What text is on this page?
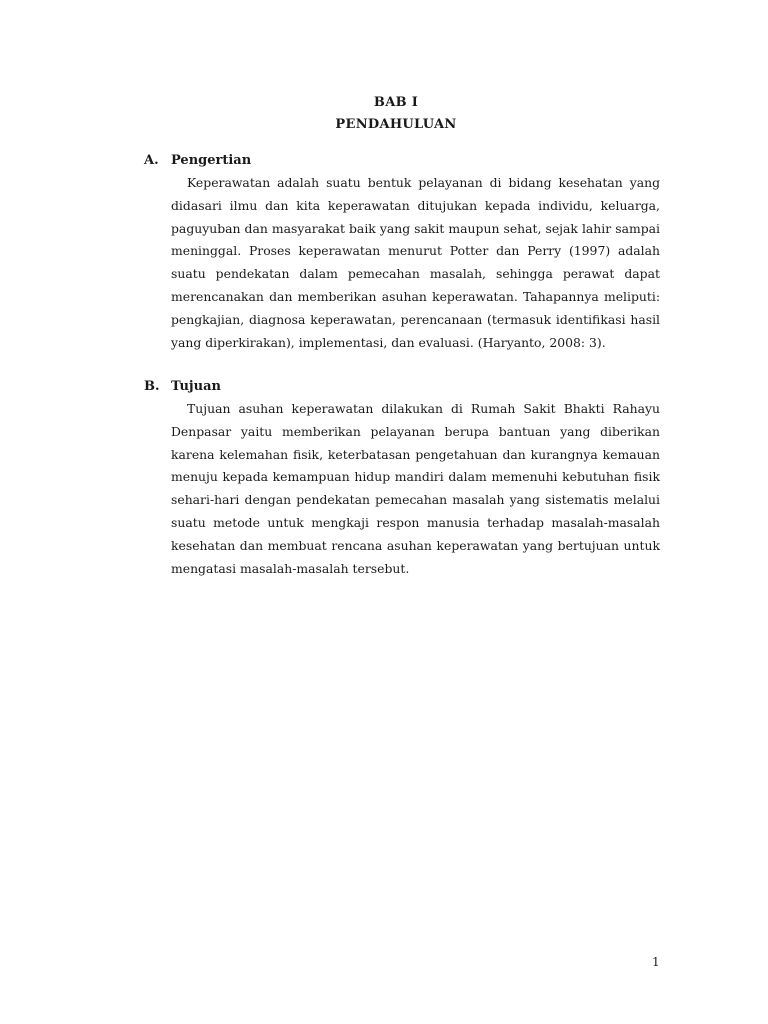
BAB I
PENDAHULUAN
A. Pengertian
Keperawatan adalah suatu bentuk pelayanan di bidang kesehatan yang didasari ilmu dan kita keperawatan ditujukan kepada individu, keluarga, paguyuban dan masyarakat baik yang sakit maupun sehat, sejak lahir sampai meninggal. Proses keperawatan menurut Potter dan Perry (1997) adalah suatu pendekatan dalam pemecahan masalah, sehingga perawat dapat merencanakan dan memberikan asuhan keperawatan. Tahapannya meliputi: pengkajian, diagnosa keperawatan, perencanaan (termasuk identifikasi hasil yang diperkirakan), implementasi, dan evaluasi. (Haryanto, 2008: 3).
B. Tujuan
Tujuan asuhan keperawatan dilakukan di Rumah Sakit Bhakti Rahayu Denpasar yaitu memberikan pelayanan berupa bantuan yang diberikan karena kelemahan fisik, keterbatasan pengetahuan dan kurangnya kemauan menuju kepada kemampuan hidup mandiri dalam memenuhi kebutuhan fisik sehari-hari dengan pendekatan pemecahan masalah yang sistematis melalui suatu metode untuk mengkaji respon manusia terhadap masalah-masalah kesehatan dan membuat rencana asuhan keperawatan yang bertujuan untuk mengatasi masalah-masalah tersebut.
1
